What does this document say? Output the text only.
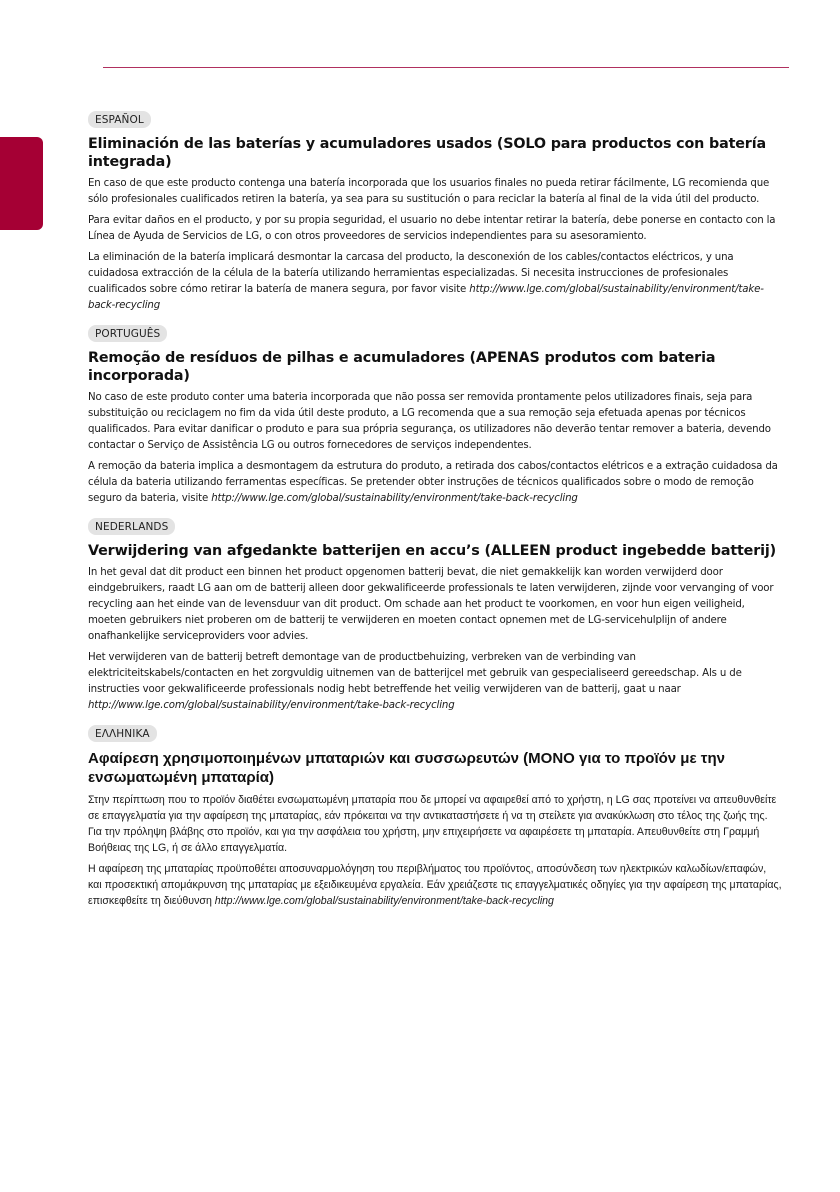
ESPAÑOL
Eliminación de las baterías y acumuladores usados (SOLO para productos con batería integrada)

En caso de que este producto contenga una batería incorporada que los usuarios finales no pueda retirar fácilmente, LG recomienda que sólo profesionales cualificados retiren la batería, ya sea para su sustitución o para reciclar la batería al final de la vida útil del producto.

Para evitar daños en el producto, y por su propia seguridad, el usuario no debe intentar retirar la batería, debe ponerse en contacto con la Línea de Ayuda de Servicios de LG, o con otros proveedores de servicios independientes para su asesoramiento.

La eliminación de la batería implicará desmontar la carcasa del producto, la desconexión de los cables/contactos eléctricos, y una cuidadosa extracción de la célula de la batería utilizando herramientas especializadas. Si necesita instrucciones de profesionales cualificados sobre cómo retirar la batería de manera segura, por favor visite http://www.lge.com/global/sustainability/environment/take-back-recycling

PORTUGUÊS
Remoção de resíduos de pilhas e acumuladores (APENAS produtos com bateria incorporada)

No caso de este produto conter uma bateria incorporada que não possa ser removida prontamente pelos utilizadores finais, seja para substituição ou reciclagem no fim da vida útil deste produto, a LG recomenda que a sua remoção seja efetuada apenas por técnicos qualificados. Para evitar danificar o produto e para sua própria segurança, os utilizadores não deverão tentar remover a bateria, devendo contactar o Serviço de Assistência LG ou outros fornecedores de serviços independentes.

A remoção da bateria implica a desmontagem da estrutura do produto, a retirada dos cabos/contactos elétricos e a extração cuidadosa da célula da bateria utilizando ferramentas específicas. Se pretender obter instruções de técnicos qualificados sobre o modo de remoção seguro da bateria, visite http://www.lge.com/global/sustainability/environment/take-back-recycling

NEDERLANDS
Verwijdering van afgedankte batterijen en accu’s (ALLEEN product ingebedde batterij)

In het geval dat dit product een binnen het product opgenomen batterij bevat, die niet gemakkelijk kan worden verwijderd door eindgebruikers, raadt LG aan om de batterij alleen door gekwalificeerde professionals te laten verwijderen, zijnde voor vervanging of voor recycling aan het einde van de levensduur van dit product. Om schade aan het product te voorkomen, en voor hun eigen veiligheid, moeten gebruikers niet proberen om de batterij te verwijderen en moeten contact opnemen met de LG-servicehulplijn of andere onafhankelijke serviceproviders voor advies.

Het verwijderen van de batterij betreft demontage van de productbehuizing, verbreken van de verbinding van elektriciteitskabels/contacten en het zorgvuldig uitnemen van de batterijcel met gebruik van gespecialiseerd gereedschap. Als u de instructies voor gekwalificeerde professionals nodig hebt betreffende het veilig verwijderen van de batterij, gaat u naar http://www.lge.com/global/sustainability/environment/take-back-recycling

ΕΛΛΗΝΙΚΑ
Αφαίρεση χρησιμοποιημένων μπαταριών και συσσωρευτών (ΜΟΝΟ για το προϊόν με την ενσωματωμένη μπαταρία)

Στην περίπτωση που το προϊόν διαθέτει ενσωματωμένη μπαταρία που δε μπορεί να αφαιρεθεί από το χρήστη, η LG σας προτείνει να απευθυνθείτε σε επαγγελματία για την αφαίρεση της μπαταρίας, εάν πρόκειται να την αντικαταστήσετε ή να τη στείλετε για ανακύκλωση στο τέλος της ζωής της. Για την πρόληψη βλάβης στο προϊόν, και για την ασφάλεια του χρήστη, μην επιχειρήσετε να αφαιρέσετε τη μπαταρία. Απευθυνθείτε στη Γραμμή Βοήθειας της LG, ή σε άλλο επαγγελματία.

Η αφαίρεση της μπαταρίας προϋποθέτει αποσυναρμολόγηση του περιβλήματος του προϊόντος, αποσύνδεση των ηλεκτρικών καλωδίων/επαφών, και προσεκτική απομάκρυνση της μπαταρίας με εξειδικευμένα εργαλεία. Εάν χρειάζεστε τις επαγγελματικές οδηγίες για την αφαίρεση της μπαταρίας, επισκεφθείτε τη διεύθυνση http://www.lge.com/global/sustainability/environment/take-back-recycling
